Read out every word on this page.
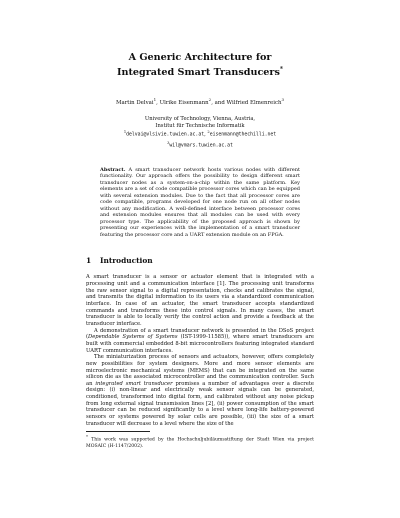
A Generic Architecture for
Integrated Smart Transducers*
Martin Delvai$^1$, Ulrike Eisenmann$^2$, and Wilfried Elmenreich$^3$
University of Technology, Vienna, Austria,
Institut für Technische Informatik
$^1$delvai@vlsivie.tuwien.ac.at, $^2$eisenmann@thechilli.net
$^3$wil@vmars.tuwien.ac.at
Abstract. A smart transducer network hosts various nodes with different functionality. Our approach offers the possibility to design different smart transducer nodes as a system-on-a-chip within the same platform. Key elements are a set of code compatible processor cores which can be equipped with several extension modules. Due to the fact that all processor cores are code compatible, programs developed for one node run on all other nodes without any modification. A well-defined interface between processor cores and extension modules ensures that all modules can be used with every processor type. The applicability of the proposed approach is shown by presenting our experiences with the implementation of a smart transducer featuring the processor core and a UART extension module on an FPGA.
1 Introduction
A smart transducer is a sensor or actuator element that is integrated with a processing unit and a communication interface [1]. The processing unit transforms the raw sensor signal to a digital representation, checks and calibrates the signal, and transmits the digital information to its users via a standardized communication interface. In case of an actuator, the smart transducer accepts standardized commands and transforms these into control signals. In many cases, the smart transducer is able to locally verify the control action and provide a feedback at the transducer interface.
A demonstration of a smart transducer network is presented in the DSoS project (Dependable Systems of Systems (IST-1999-11585)), where smart transducers are built with commercial embedded 8-bit microcontrollers featuring integrated standard UART communication interfaces.
The miniaturization process of sensors and actuators, however, offers completely new possibilities for system designers. More and more sensor elements are microelectronic mechanical systems (MEMS) that can be integrated on the same silicon die as the associated microcontroller and the communication controller. Such an integrated smart transducer promises a number of advantages over a discrete design: (i) non-linear and electrically weak sensor signals can be generated, conditioned, transformed into digital form, and calibrated without any noise pickup from long external signal transmission lines [2], (ii) power consumption of the smart transducer can be reduced significantly to a level where long-life battery-powered sensors or systems powered by solar cells are possible, (iii) the size of a smart transducer will decrease to a level where the size of the
* This work was supported by the Hochschuljubiläumsstiftung der Stadt Wien via project MOSAIC (H-1147/2002).
